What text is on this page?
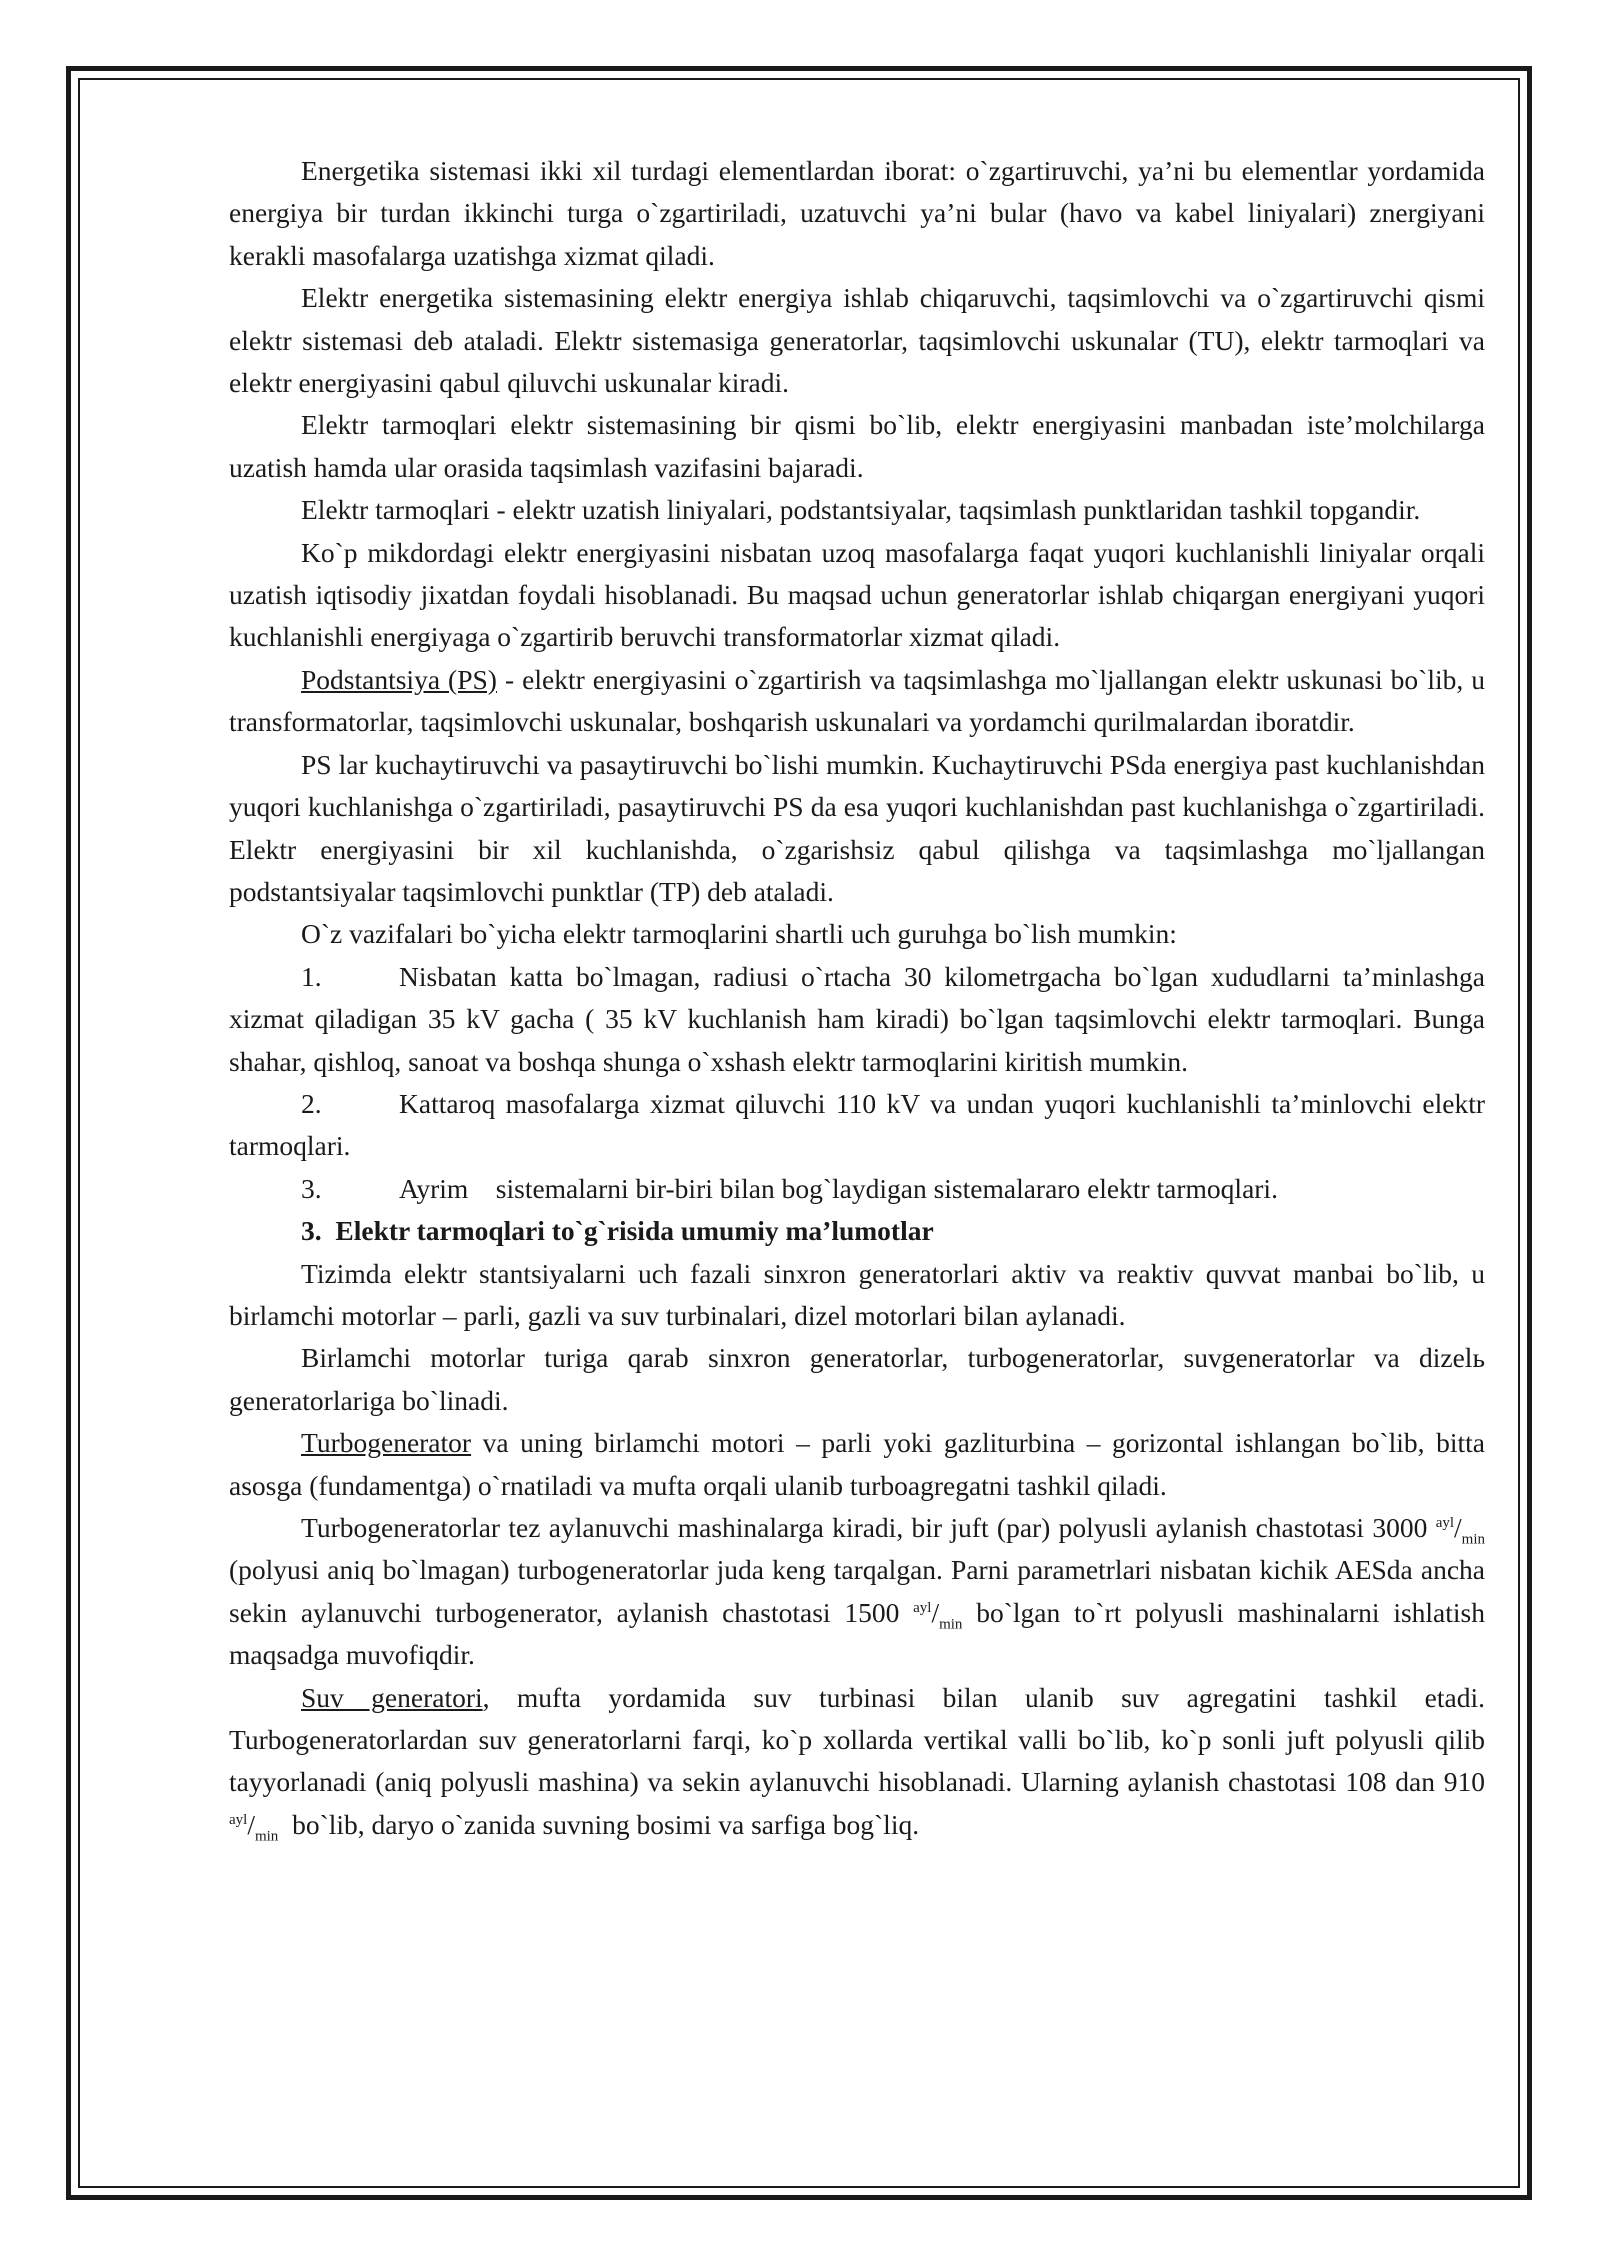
Energetika sistemasi ikki xil turdagi elementlardan iborat: o`zgartiruvchi, ya’ni bu elementlar yordamida energiya bir turdan ikkinchi turga o`zgartiriladi, uzatuvchi ya’ni bular (havo va kabel liniyalari) znergiyani kerakli masofalarga uzatishga xizmat qiladi.

Elektr energetika sistemasining elektr energiya ishlab chiqaruvchi, taqsimlovchi va o`zgartiruvchi qismi elektr sistemasi deb ataladi. Elektr sistemasiga generatorlar, taqsimlovchi uskunalar (TU), elektr tarmoqlari va elektr energiyasini qabul qiluvchi uskunalar kiradi.

Elektr tarmoqlari elektr sistemasining bir qismi bo`lib, elektr energiyasini manbadan iste’molchilarga uzatish hamda ular orasida taqsimlash vazifasini bajaradi.

Elektr tarmoqlari - elektr uzatish liniyalari, podstantsiyalar, taqsimlash punktlaridan tashkil topgandir.

Ko`p mikdordagi elektr energiyasini nisbatan uzoq masofalarga faqat yuqori kuchlanishli liniyalar orqali uzatish iqtisodiy jixatdan foydali hisoblanadi. Bu maqsad uchun generatorlar ishlab chiqargan energiyani yuqori kuchlanishli energiyaga o`zgartirib beruvchi transformatorlar xizmat qiladi.

Podstantsiya (PS) - elektr energiyasini o`zgartirish va taqsimlashga mo`ljallangan elektr uskunasi bo`lib, u transformatorlar, taqsimlovchi uskunalar, boshqarish uskunalari va yordamchi qurilmalardan iboratdir.

PS lar kuchaytiruvchi va pasaytiruvchi bo`lishi mumkin. Kuchaytiruvchi PSda energiya past kuchlanishdan yuqori kuchlanishga o`zgartiriladi, pasaytiruvchi PS da esa yuqori kuchlanishdan past kuchlanishga o`zgartiriladi. Elektr energiyasini bir xil kuchlanishda, o`zgarishsiz qabul qilishga va taqsimlashga mo`ljallangan podstantsiyalar taqsimlovchi punktlar (TP) deb ataladi.

O`z vazifalari bo`yicha elektr tarmoqlarini shartli uch guruhga bo`lish mumkin:

1.	Nisbatan katta bo`lmagan, radiusi o`rtacha 30 kilometrgacha bo`lgan xududlarni ta’minlashga xizmat qiladigan 35 kV gacha ( 35 kV kuchlanish ham kiradi) bo`lgan taqsimlovchi elektr tarmoqlari. Bunga shahar, qishloq, sanoat va boshqa shunga o`xshash elektr tarmoqlarini kiritish mumkin.

2.	Kattaroq masofalarga xizmat qiluvchi 110 kV va undan yuqori kuchlanishli ta’minlovchi elektr tarmoqlari.

3.	Ayrim    sistemalarni bir-biri bilan bog`laydigan sistemalararo elektr tarmoqlari.

3.  Elektr tarmoqlari to`g`risida umumiy ma’lumotlar

Tizimda elektr stantsiyalarni uch fazali sinxron generatorlari aktiv va reaktiv quvvat manbai bo`lib, u birlamchi motorlar – parli, gazli va suv turbinalari, dizel motorlari bilan aylanadi.

Birlamchi motorlar turiga qarab sinxron generatorlar, turbogeneratorlar, suvgeneratorlar va dizelь generatorlariga bo`linadi.

Turbogenerator va uning birlamchi motori – parli yoki gazliturbina – gorizontal ishlangan bo`lib, bitta asosga (fundamentga) o`rnatiladi va mufta orqali ulanib turboagregatni tashkil qiladi.

Turbogeneratorlar tez aylanuvchi mashinalarga kiradi, bir juft (par) polyusli aylanish chastotasi 3000 $^{ayl}/_{min}$  (polyusi aniq bo`lmagan) turbogeneratorlar juda keng tarqalgan. Parni parametrlari nisbatan kichik AESda ancha sekin aylanuvchi turbogenerator, aylanish chastotasi 1500 $^{ayl}/_{min}$ bo`lgan to`rt polyusli mashinalarni ishlatish maqsadga muvofiqdir.

Suv generatori, mufta yordamida suv turbinasi bilan ulanib suv agregatini tashkil etadi. Turbogeneratorlardan suv generatorlarni farqi, ko`p xollarda vertikal valli bo`lib, ko`p sonli juft polyusli qilib tayyorlanadi (aniq polyusli mashina) va sekin aylanuvchi hisoblanadi. Ularning aylanish chastotasi 108 dan 910 $^{ayl}/_{min}$  bo`lib, daryo o`zanida suvning bosimi va sarfiga bog`liq.
